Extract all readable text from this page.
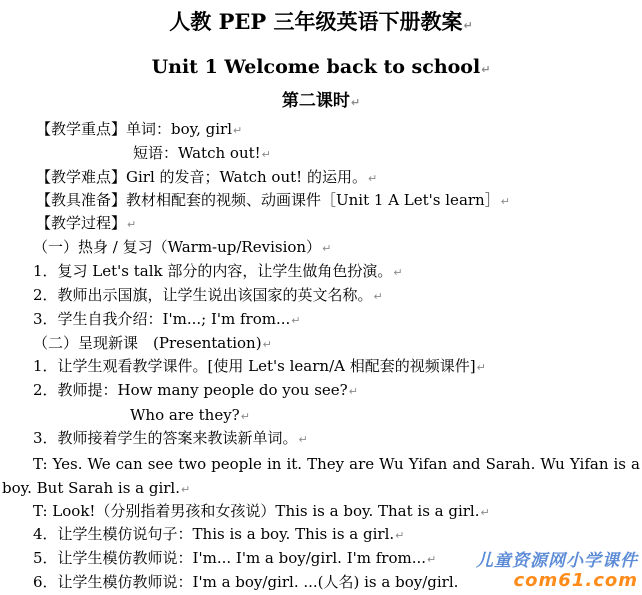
人教 PEP 三年级英语下册教案↵
Unit 1 Welcome back to school↵
第二课时↵
【教学重点】单词：boy, girl↵
短语：Watch out!↵
【教学难点】Girl 的发音；Watch out! 的运用。↵
【教具准备】教材相配套的视频、动画课件［Unit 1 A Let's learn］↵
【教学过程】↵
（一）热身 / 复习（Warm-up/Revision）↵
1．复习 Let's talk 部分的内容，让学生做角色扮演。↵
2．教师出示国旗，让学生说出该国家的英文名称。↵
3．学生自我介绍：I'm...; I'm from...↵
（二）呈现新课　(Presentation)↵
1．让学生观看教学课件。[使用 Let's learn/A 相配套的视频课件]↵
2．教师提：How many people do you see?↵
Who are they?↵
3．教师接着学生的答案来教读新单词。↵
T: Yes. We can see two people in it. They are Wu Yifan and Sarah. Wu Yifan is a
boy. But Sarah is a girl.↵
T: Look!（分别指着男孩和女孩说）This is a boy. That is a girl.↵
4．让学生模仿说句子：This is a boy. This is a girl.↵
5．让学生模仿教师说：I'm... I'm a boy/girl. I'm from...↵
6．让学生模仿教师说：I'm a boy/girl. ...(人名) is a boy/girl.
儿童资源网小学课件
com61.com
